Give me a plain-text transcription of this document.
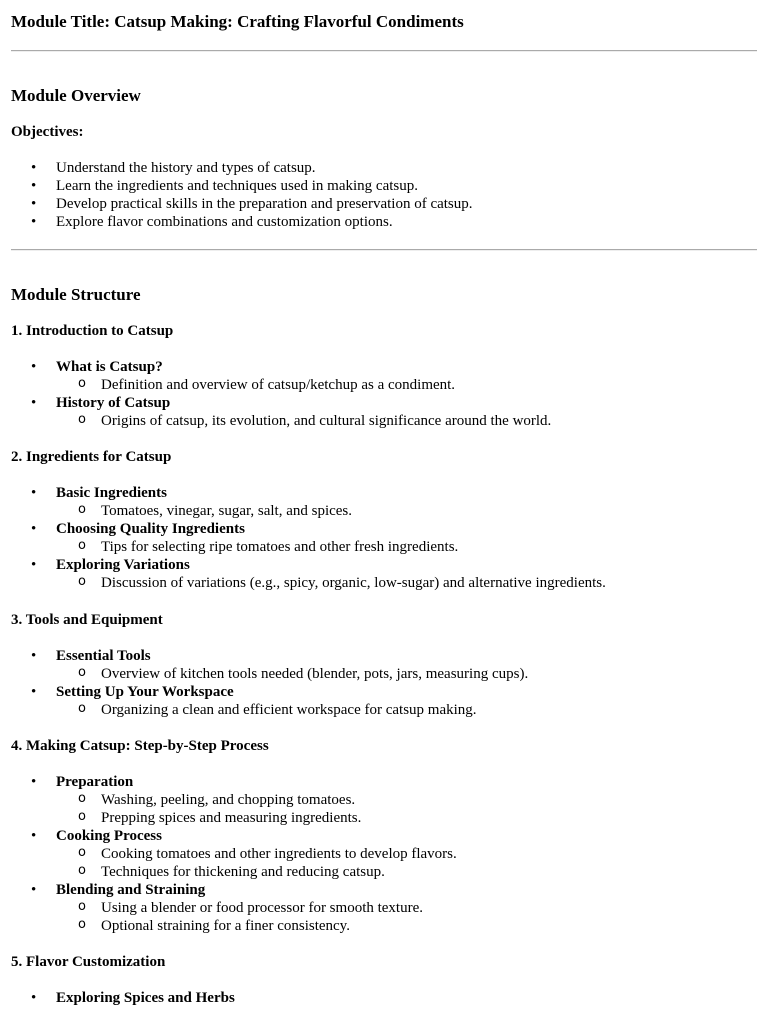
Module Title: Catsup Making: Crafting Flavorful Condiments
Module Overview
Objectives:
• Understand the history and types of catsup.
• Learn the ingredients and techniques used in making catsup.
• Develop practical skills in the preparation and preservation of catsup.
• Explore flavor combinations and customization options.
Module Structure
1. Introduction to Catsup
• What is Catsup?
o Definition and overview of catsup/ketchup as a condiment.
• History of Catsup
o Origins of catsup, its evolution, and cultural significance around the world.
2. Ingredients for Catsup
• Basic Ingredients
o Tomatoes, vinegar, sugar, salt, and spices.
• Choosing Quality Ingredients
o Tips for selecting ripe tomatoes and other fresh ingredients.
• Exploring Variations
o Discussion of variations (e.g., spicy, organic, low-sugar) and alternative ingredients.
3. Tools and Equipment
• Essential Tools
o Overview of kitchen tools needed (blender, pots, jars, measuring cups).
• Setting Up Your Workspace
o Organizing a clean and efficient workspace for catsup making.
4. Making Catsup: Step-by-Step Process
• Preparation
o Washing, peeling, and chopping tomatoes.
o Prepping spices and measuring ingredients.
• Cooking Process
o Cooking tomatoes and other ingredients to develop flavors.
o Techniques for thickening and reducing catsup.
• Blending and Straining
o Using a blender or food processor for smooth texture.
o Optional straining for a finer consistency.
5. Flavor Customization
• Exploring Spices and Herbs
